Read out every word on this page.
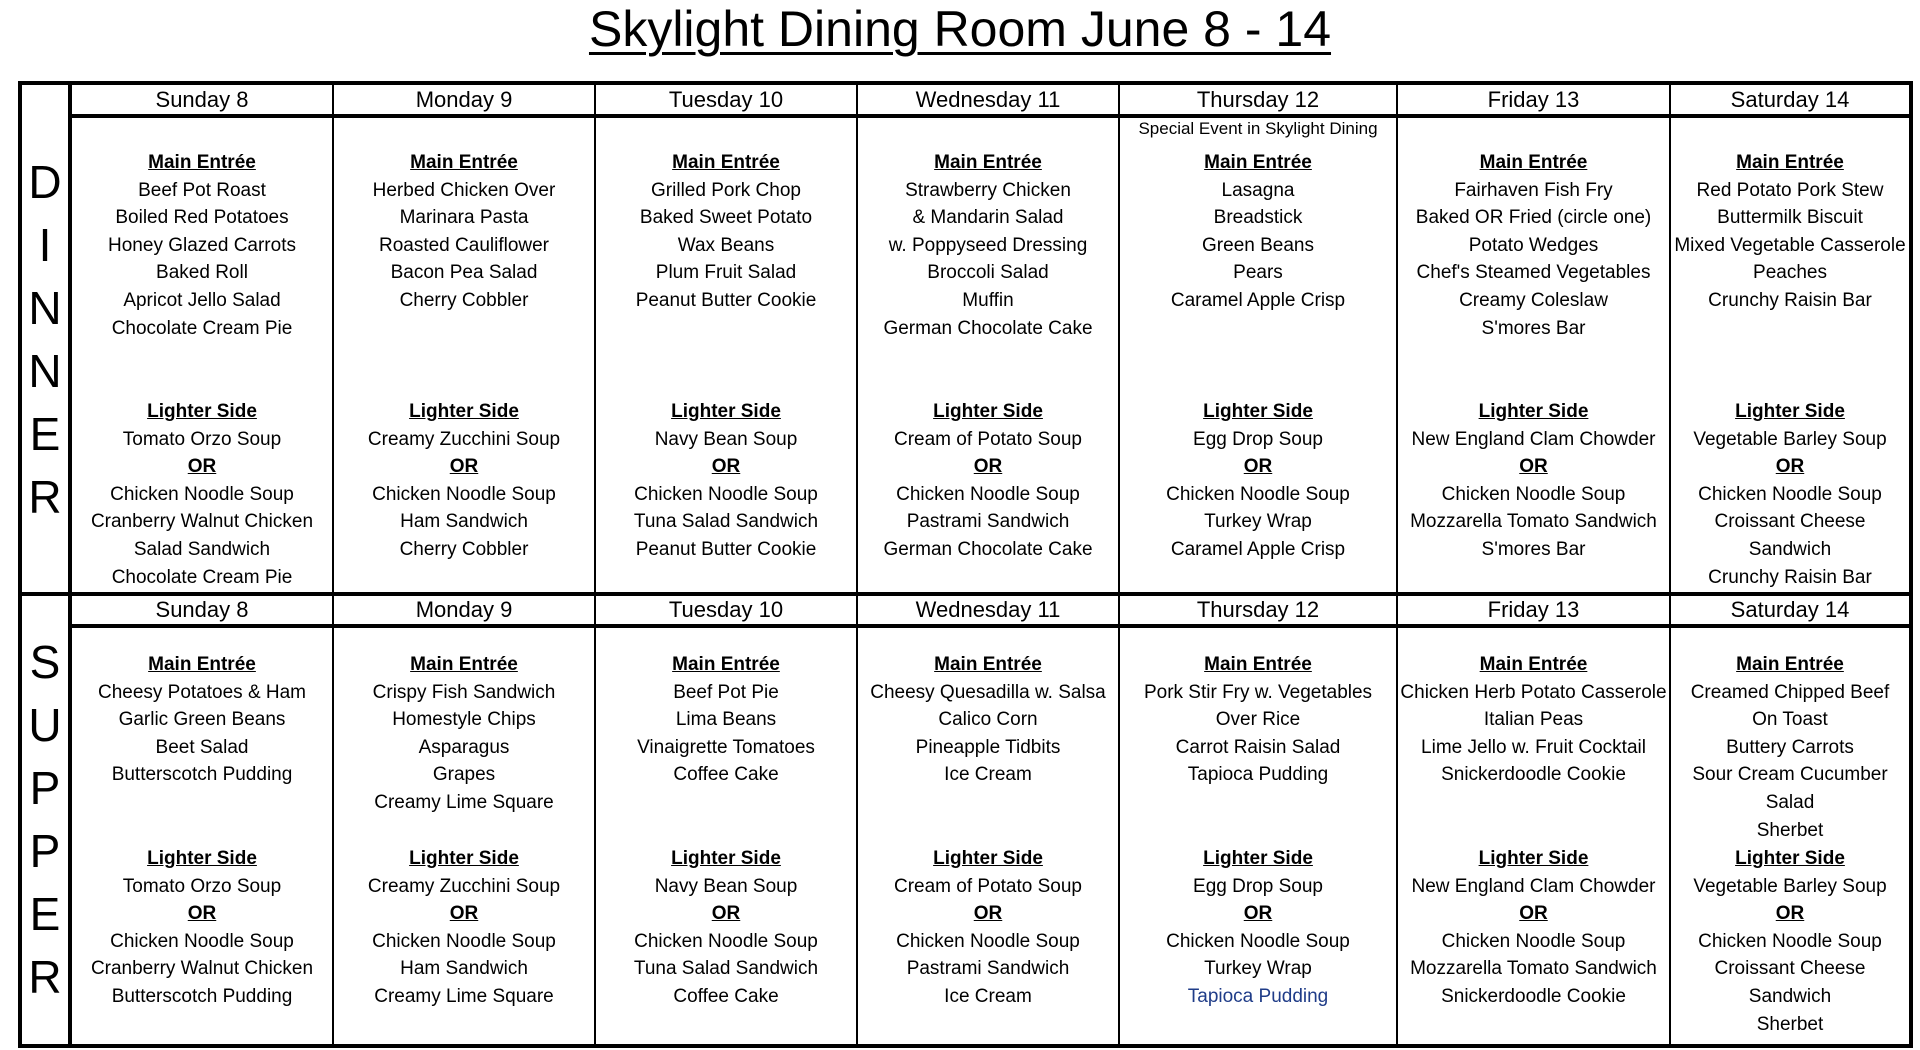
Skylight Dining Room June 8 - 14
D
I
N
N
E
R
Sunday 8
Main Entrée
Beef Pot Roast
Boiled Red Potatoes
Honey Glazed Carrots
Baked Roll
Apricot Jello Salad
Chocolate Cream Pie
Lighter Side
Tomato Orzo Soup
OR
Chicken Noodle Soup
Cranberry Walnut Chicken
Salad Sandwich
Chocolate Cream Pie
Monday 9
Main Entrée
Herbed Chicken Over
Marinara Pasta
Roasted Cauliflower
Bacon Pea Salad
Cherry Cobbler
Lighter Side
Creamy Zucchini Soup
OR
Chicken Noodle Soup
Ham Sandwich
Cherry Cobbler
Tuesday 10
Main Entrée
Grilled Pork Chop
Baked Sweet Potato
Wax Beans
Plum Fruit Salad
Peanut Butter Cookie
Lighter Side
Navy Bean Soup
OR
Chicken Noodle Soup
Tuna Salad Sandwich
Peanut Butter Cookie
Wednesday 11
Main Entrée
Strawberry Chicken
& Mandarin Salad
w. Poppyseed Dressing
Broccoli Salad
Muffin
German Chocolate Cake
Lighter Side
Cream of Potato Soup
OR
Chicken Noodle Soup
Pastrami Sandwich
German Chocolate Cake
Thursday 12
Special Event in Skylight Dining
Main Entrée
Lasagna
Breadstick
Green Beans
Pears
Caramel Apple Crisp
Lighter Side
Egg Drop Soup
OR
Chicken Noodle Soup
Turkey Wrap
Caramel Apple Crisp
Friday 13
Main Entrée
Fairhaven Fish Fry
Baked OR Fried (circle one)
Potato Wedges
Chef's Steamed Vegetables
Creamy Coleslaw
S'mores Bar
Lighter Side
New England Clam Chowder
OR
Chicken Noodle Soup
Mozzarella Tomato Sandwich
S'mores Bar
Saturday 14
Main Entrée
Red Potato Pork Stew
Buttermilk Biscuit
Mixed Vegetable Casserole
Peaches
Crunchy Raisin Bar
Lighter Side
Vegetable Barley Soup
OR
Chicken Noodle Soup
Croissant Cheese Sandwich
Crunchy Raisin Bar
S
U
P
P
E
R
Sunday 8
Main Entrée
Cheesy Potatoes & Ham
Garlic Green Beans
Beet Salad
Butterscotch Pudding
Lighter Side
Tomato Orzo Soup
OR
Chicken Noodle Soup
Cranberry Walnut Chicken
Butterscotch Pudding
Monday 9
Main Entrée
Crispy Fish Sandwich
Homestyle Chips
Asparagus
Grapes
Creamy Lime Square
Lighter Side
Creamy Zucchini Soup
OR
Chicken Noodle Soup
Ham Sandwich
Creamy Lime Square
Tuesday 10
Main Entrée
Beef Pot Pie
Lima Beans
Vinaigrette Tomatoes
Coffee Cake
Lighter Side
Navy Bean Soup
OR
Chicken Noodle Soup
Tuna Salad Sandwich
Coffee Cake
Wednesday 11
Main Entrée
Cheesy Quesadilla w. Salsa
Calico Corn
Pineapple Tidbits
Ice Cream
Lighter Side
Cream of Potato Soup
OR
Chicken Noodle Soup
Pastrami Sandwich
Ice Cream
Thursday 12
Main Entrée
Pork Stir Fry w. Vegetables
Over Rice
Carrot Raisin Salad
Tapioca Pudding
Lighter Side
Egg Drop Soup
OR
Chicken Noodle Soup
Turkey Wrap
Tapioca Pudding
Friday 13
Main Entrée
Chicken Herb Potato Casserole
Italian Peas
Lime Jello w. Fruit Cocktail
Snickerdoodle Cookie
Lighter Side
New England Clam Chowder
OR
Chicken Noodle Soup
Mozzarella Tomato Sandwich
Snickerdoodle Cookie
Saturday 14
Main Entrée
Creamed Chipped Beef
On Toast
Buttery Carrots
Sour Cream Cucumber Salad
Sherbet
Lighter Side
Vegetable Barley Soup
OR
Chicken Noodle Soup
Croissant Cheese Sandwich
Sherbet
